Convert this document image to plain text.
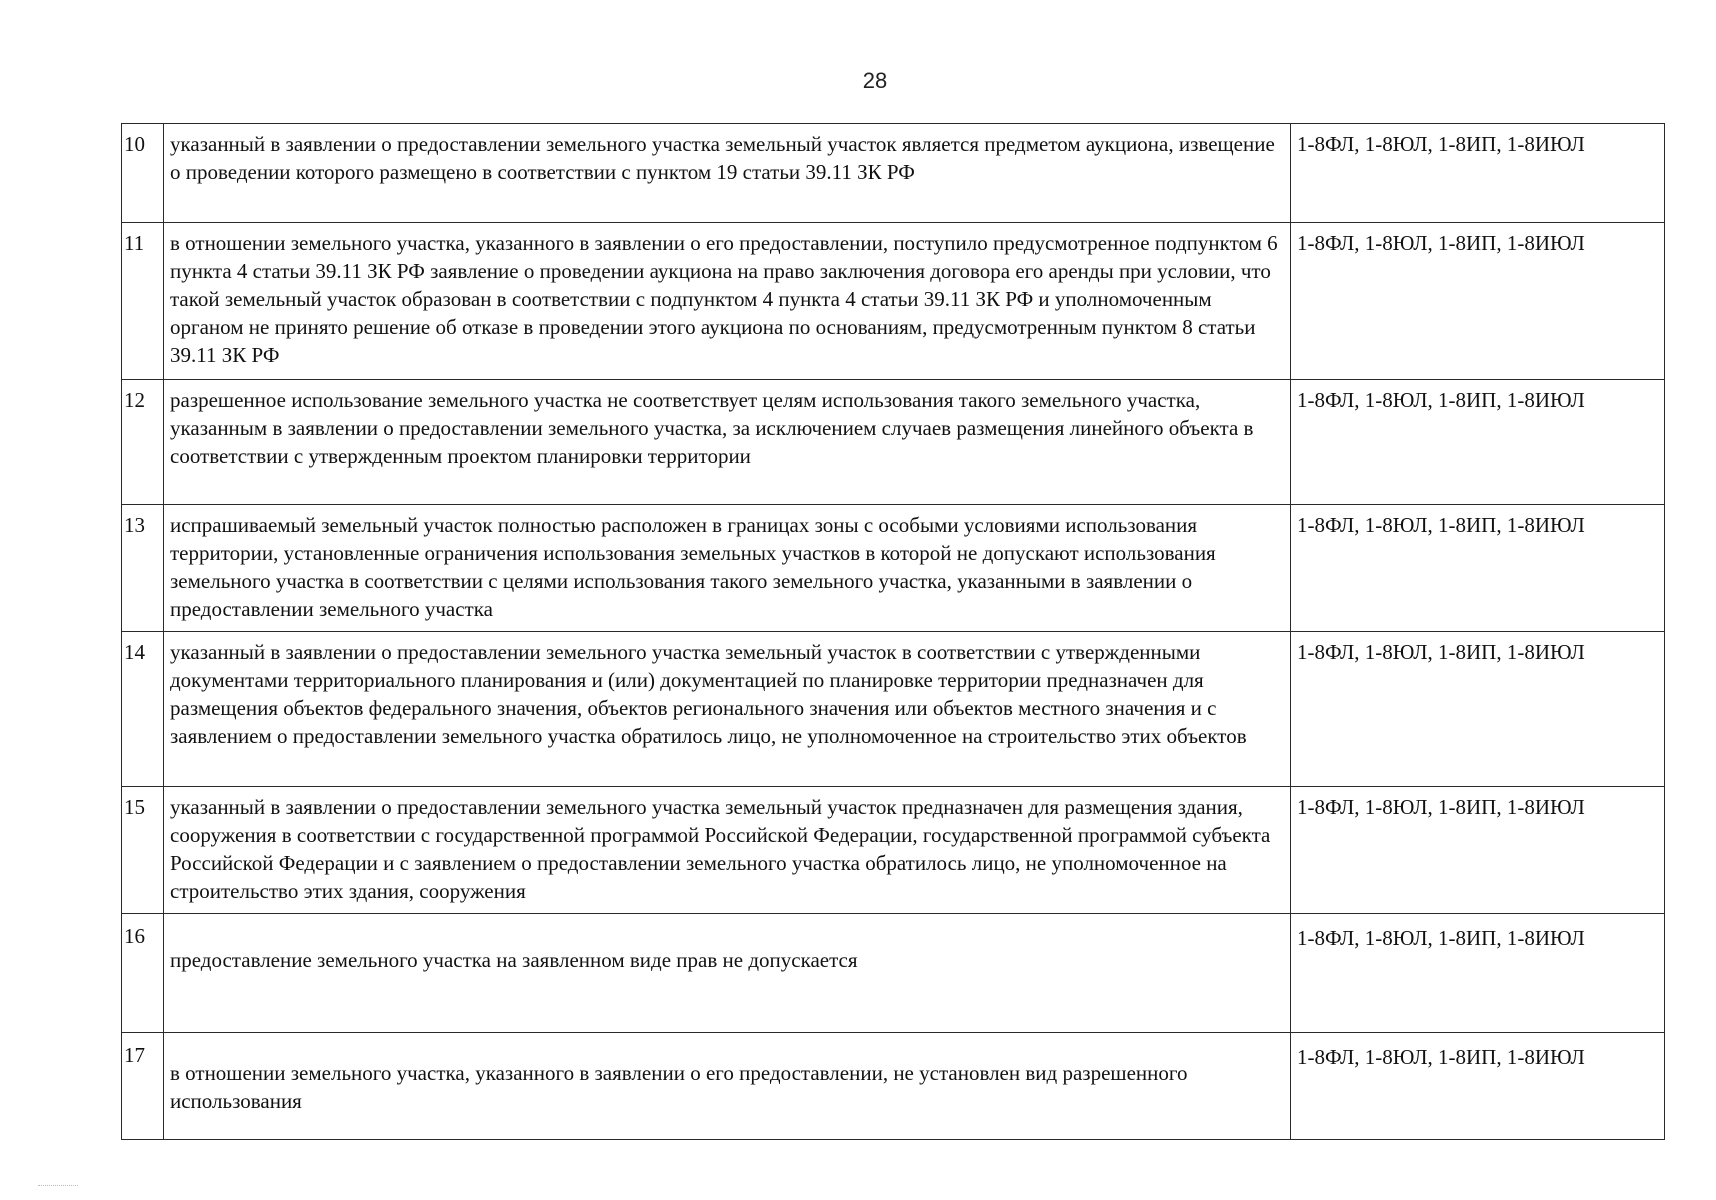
28
10	указанный в заявлении о предоставлении земельного участка земельный участок является предметом аукциона, извещение о проведении которого размещено в соответствии с пунктом 19 статьи 39.11 ЗК РФ	1-8ФЛ, 1-8ЮЛ, 1-8ИП, 1-8ИЮЛ
11	в отношении земельного участка, указанного в заявлении о его предоставлении, поступило предусмотренное подпунктом 6 пункта 4 статьи 39.11 ЗК РФ заявление о проведении аукциона на право заключения договора его аренды при условии, что такой земельный участок образован в соответствии с подпунктом 4 пункта 4 статьи 39.11 ЗК РФ и уполномоченным органом не принято решение об отказе в проведении этого аукциона по основаниям, предусмотренным пунктом 8 статьи 39.11 ЗК РФ	1-8ФЛ, 1-8ЮЛ, 1-8ИП, 1-8ИЮЛ
12	разрешенное использование земельного участка не соответствует целям использования такого земельного участка, указанным в заявлении о предоставлении земельного участка, за исключением случаев размещения линейного объекта в соответствии с утвержденным проектом планировки территории	1-8ФЛ, 1-8ЮЛ, 1-8ИП, 1-8ИЮЛ
13	испрашиваемый земельный участок полностью расположен в границах зоны с особыми условиями использования территории, установленные ограничения использования земельных участков в которой не допускают использования земельного участка в соответствии с целями использования такого земельного участка, указанными в заявлении о предоставлении земельного участка	1-8ФЛ, 1-8ЮЛ, 1-8ИП, 1-8ИЮЛ
14	указанный в заявлении о предоставлении земельного участка земельный участок в соответствии с утвержденными документами территориального планирования и (или) документацией по планировке территории предназначен для размещения объектов федерального значения, объектов регионального значения или объектов местного значения и с заявлением о предоставлении земельного участка обратилось лицо, не уполномоченное на строительство этих объектов	1-8ФЛ, 1-8ЮЛ, 1-8ИП, 1-8ИЮЛ
15	указанный в заявлении о предоставлении земельного участка земельный участок предназначен для размещения здания, сооружения в соответствии с государственной программой Российской Федерации, государственной программой субъекта Российской Федерации и с заявлением о предоставлении земельного участка обратилось лицо, не уполномоченное на строительство этих здания, сооружения	1-8ФЛ, 1-8ЮЛ, 1-8ИП, 1-8ИЮЛ
16	предоставление земельного участка на заявленном виде прав не допускается	1-8ФЛ, 1-8ЮЛ, 1-8ИП, 1-8ИЮЛ
17	в отношении земельного участка, указанного в заявлении о его предоставлении, не установлен вид разрешенного использования	1-8ФЛ, 1-8ЮЛ, 1-8ИП, 1-8ИЮЛ
